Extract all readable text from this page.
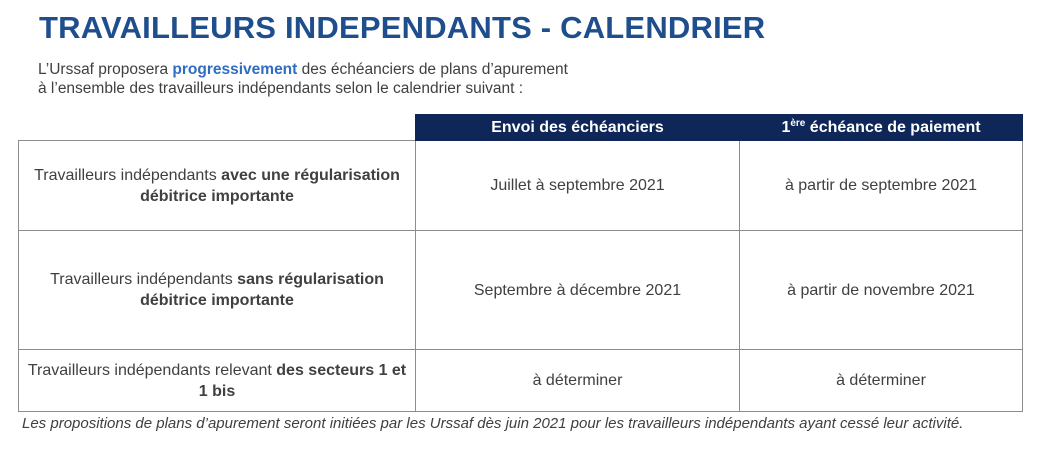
TRAVAILLEURS INDEPENDANTS - CALENDRIER

L’Urssaf proposera progressivement des échéanciers de plans d’apurement
à l’ensemble des travailleurs indépendants selon le calendrier suivant :

	Envoi des échéanciers	1ère échéance de paiement
Travailleurs indépendants avec une régularisation débitrice importante	Juillet à septembre 2021	à partir de septembre 2021
Travailleurs indépendants sans régularisation débitrice importante	Septembre à décembre 2021	à partir de novembre 2021
Travailleurs indépendants relevant des secteurs 1 et 1 bis	à déterminer	à déterminer

Les propositions de plans d’apurement seront initiées par les Urssaf dès juin 2021 pour les travailleurs indépendants ayant cessé leur activité.
